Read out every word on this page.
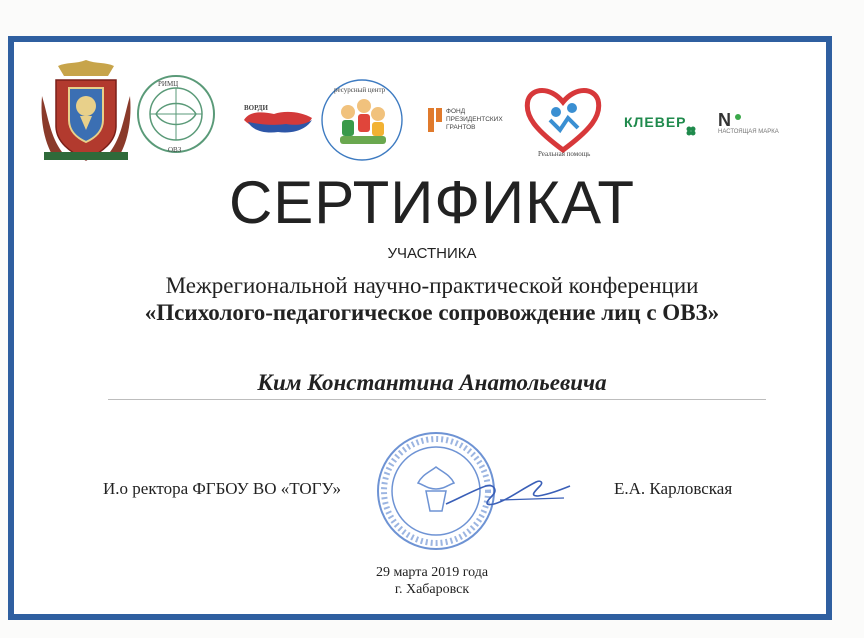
РИМЦ
ОВЗ
ВОРДИ
ресурсный центр
ФОНД ПРЕЗИДЕНТСКИХ ГРАНТОВ
Реальная помощь
КЛЕВЕР	N
НАСТОЯЩАЯ МАРКА
СЕРТИФИКАТ
УЧАСТНИКА
Межрегиональной научно-практической конференции
«Психолого-педагогическое сопровождение лиц с ОВЗ»
Ким Константина Анатольевича
И.о ректора ФГБОУ ВО «ТОГУ»	Е.А. Карловская
29 марта 2019 года
г. Хабаровск
